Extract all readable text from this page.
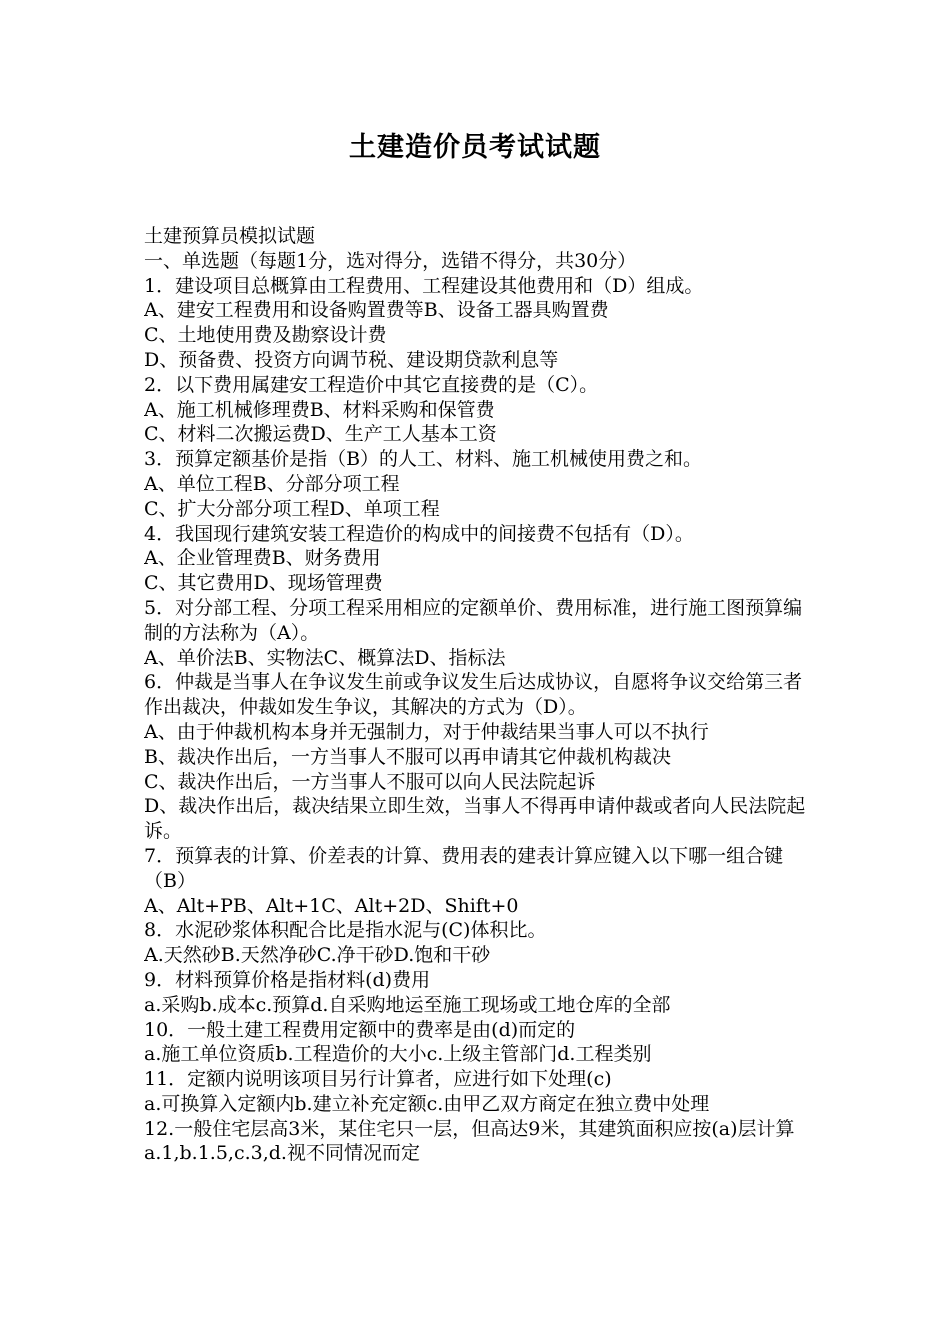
土建造价员考试试题

土建预算员模拟试题

一、单选题（每题1分，选对得分，选错不得分，共30分）

1．建设项目总概算由工程费用、工程建设其他费用和（D）组成。

A、建安工程费用和设备购置费等B、设备工器具购置费

C、土地使用费及勘察设计费

D、预备费、投资方向调节税、建设期贷款利息等

2．以下费用属建安工程造价中其它直接费的是（C）。

A、施工机械修理费B、材料采购和保管费

C、材料二次搬运费D、生产工人基本工资

3．预算定额基价是指（B）的人工、材料、施工机械使用费之和。

A、单位工程B、分部分项工程

C、扩大分部分项工程D、单项工程

4．我国现行建筑安装工程造价的构成中的间接费不包括有（D）。

A、企业管理费B、财务费用

C、其它费用D、现场管理费

5．对分部工程、分项工程采用相应的定额单价、费用标准，进行施工图预算编制的方法称为（A）。

A、单价法B、实物法C、概算法D、指标法

6．仲裁是当事人在争议发生前或争议发生后达成协议，自愿将争议交给第三者作出裁决，仲裁如发生争议，其解决的方式为（D）。

A、由于仲裁机构本身并无强制力，对于仲裁结果当事人可以不执行

B、裁决作出后，一方当事人不服可以再申请其它仲裁机构裁决

C、裁决作出后，一方当事人不服可以向人民法院起诉

D、裁决作出后，裁决结果立即生效，当事人不得再申请仲裁或者向人民法院起诉。

7．预算表的计算、价差表的计算、费用表的建表计算应键入以下哪一组合键（B）

A、Alt+PB、Alt+1C、Alt+2D、Shift+0

8．水泥砂浆体积配合比是指水泥与(C)体积比。

A.天然砂B.天然净砂C.净干砂D.饱和干砂

9．材料预算价格是指材料(d)费用

a.采购b.成本c.预算d.自采购地运至施工现场或工地仓库的全部

10．一般土建工程费用定额中的费率是由(d)而定的

a.施工单位资质b.工程造价的大小c.上级主管部门d.工程类别

11．定额内说明该项目另行计算者，应进行如下处理(c)

a.可换算入定额内b.建立补充定额c.由甲乙双方商定在独立费中处理

12.一般住宅层高3米，某住宅只一层，但高达9米，其建筑面积应按(a)层计算

a.1,b.1.5,c.3,d.视不同情况而定
